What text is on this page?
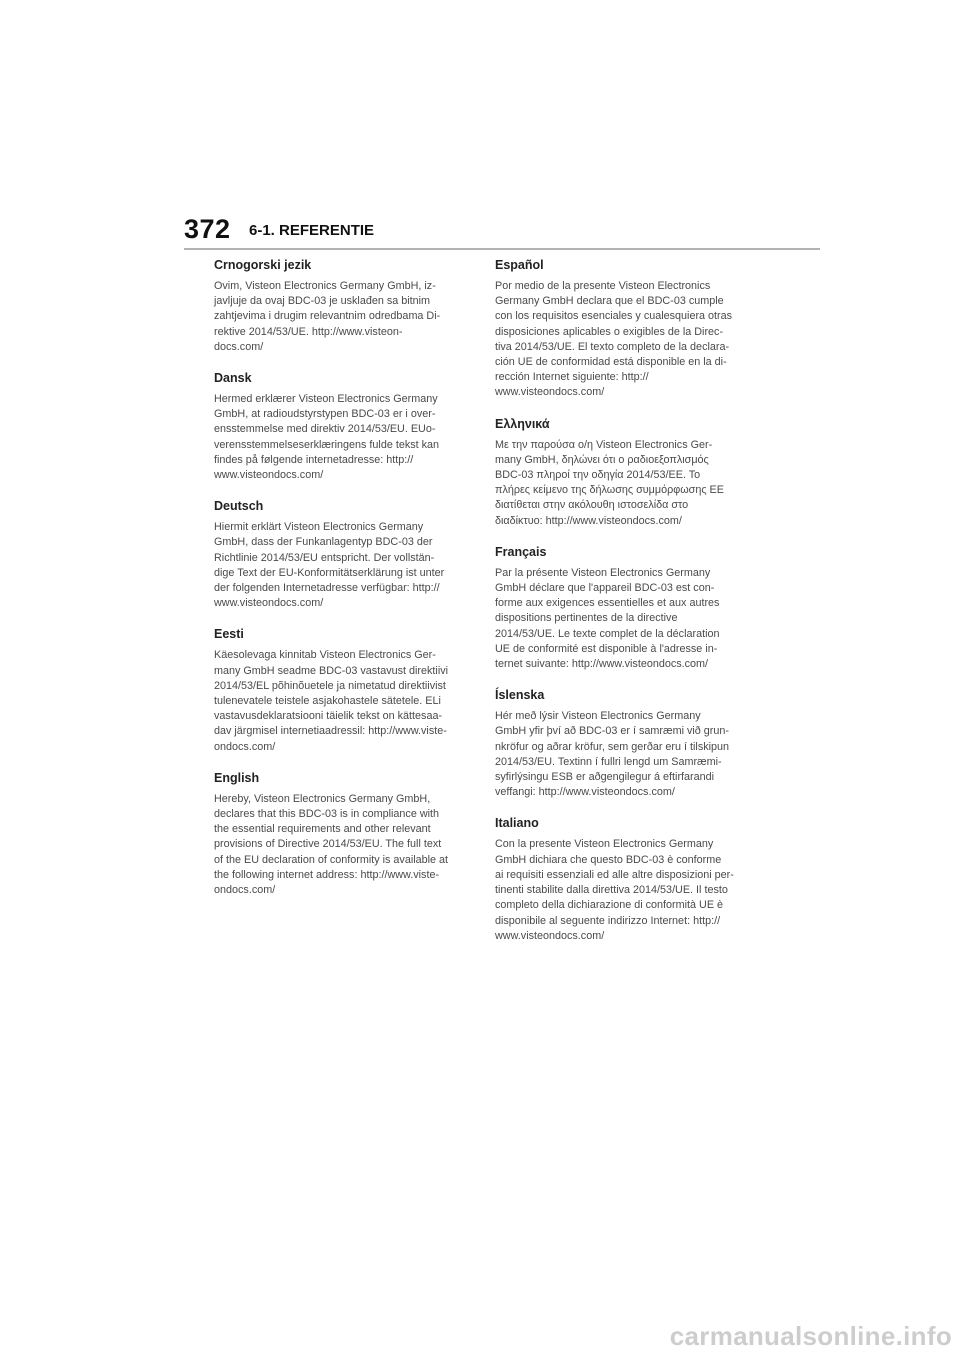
372 6-1. REFERENTIE
Crnogorski jezik

Ovim, Visteon Electronics Germany GmbH, iz-
javljuje da ovaj BDC-03 je usklađen sa bitnim
zahtjevima i drugim relevantnim odredbama Di-
rektive 2014/53/UE. http://www.visteon-
docs.com/

Dansk

Hermed erklærer Visteon Electronics Germany
GmbH, at radioudstyrstypen BDC-03 er i over-
ensstemmelse med direktiv 2014/53/EU. EUo-
verensstemmelseserklæringens fulde tekst kan
findes på følgende internetadresse: http://
www.visteondocs.com/

Deutsch

Hiermit erklärt Visteon Electronics Germany
GmbH, dass der Funkanlagentyp BDC-03 der
Richtlinie 2014/53/EU entspricht. Der vollstän-
dige Text der EU-Konformitätserklärung ist unter
der folgenden Internetadresse verfügbar: http://
www.visteondocs.com/

Eesti

Käesolevaga kinnitab Visteon Electronics Ger-
many GmbH seadme BDC-03 vastavust direktiivi
2014/53/EL põhinõuetele ja nimetatud direktiivist
tulenevatele teistele asjakohastele sätetele. ELi
vastavusdeklaratsiooni täielik tekst on kättesaa-
dav järgmisel internetiaadressil: http://www.viste-
ondocs.com/

English

Hereby, Visteon Electronics Germany GmbH,
declares that this BDC-03 is in compliance with
the essential requirements and other relevant
provisions of Directive 2014/53/EU. The full text
of the EU declaration of conformity is available at
the following internet address: http://www.viste-
ondocs.com/

Español

Por medio de la presente Visteon Electronics
Germany GmbH declara que el BDC-03 cumple
con los requisitos esenciales y cualesquiera otras
disposiciones aplicables o exigibles de la Direc-
tiva 2014/53/UE. El texto completo de la declara-
ción UE de conformidad está disponible en la di-
rección Internet siguiente: http://
www.visteondocs.com/

Ελληνικά

Με την παρούσα ο/η Visteon Electronics Ger-
many GmbH, δηλώνει ότι ο ραδιοεξοπλισμός
BDC-03 πληροί την οδηγία 2014/53/ΕΕ. Το
πλήρες κείμενο της δήλωσης συμμόρφωσης ΕΕ
διατίθεται στην ακόλουθη ιστοσελίδα στο
διαδίκτυο: http://www.visteondocs.com/

Français

Par la présente Visteon Electronics Germany
GmbH déclare que l'appareil BDC-03 est con-
forme aux exigences essentielles et aux autres
dispositions pertinentes de la directive
2014/53/UE. Le texte complet de la déclaration
UE de conformité est disponible à l'adresse in-
ternet suivante: http://www.visteondocs.com/

Íslenska

Hér með lýsir Visteon Electronics Germany
GmbH yfir því að BDC-03 er í samræmi við grun-
nkröfur og aðrar kröfur, sem gerðar eru í tilskipun
2014/53/EU. Textinn í fullri lengd um Samræmi-
syfirlýsingu ESB er aðgengilegur á eftirfarandi
veffangi: http://www.visteondocs.com/

Italiano

Con la presente Visteon Electronics Germany
GmbH dichiara che questo BDC-03 è conforme
ai requisiti essenziali ed alle altre disposizioni per-
tinenti stabilite dalla direttiva 2014/53/UE. Il testo
completo della dichiarazione di conformità UE è
disponibile al seguente indirizzo Internet: http://
www.visteondocs.com/

carmanualsonline.info
